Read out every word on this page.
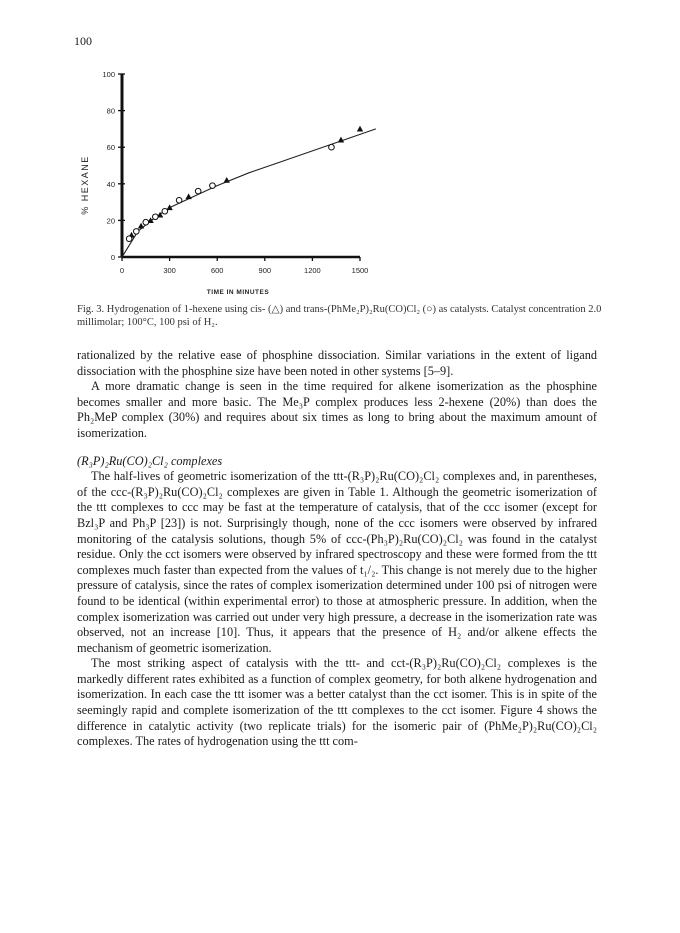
100
0
20
40
60
80
100
0	300	600	900	1200	1500
% HEXANE
TIME IN MINUTES
Fig. 3. Hydrogenation of 1-hexene using cis- (△) and trans-(PhMe₂P)₂Ru(CO)Cl₂ (○) as catalysts. Catalyst concentration 2.0 millimolar; 100°C, 100 psi of H₂.

rationalized by the relative ease of phosphine dissociation. Similar variations in the extent of ligand dissociation with the phosphine size have been noted in other systems [5–9].

A more dramatic change is seen in the time required for alkene isomerization as the phosphine becomes smaller and more basic. The Me₃P complex produces less 2-hexene (20%) than does the Ph₂MeP complex (30%) and requires about six times as long to bring about the maximum amount of isomerization.

(R₃P)₂Ru(CO)₂Cl₂ complexes

The half-lives of geometric isomerization of the ttt-(R₃P)₂Ru(CO)₂Cl₂ complexes and, in parentheses, of the ccc-(R₃P)₂Ru(CO)₂Cl₂ complexes are given in Table 1. Although the geometric isomerization of the ttt complexes to ccc may be fast at the temperature of catalysis, that of the ccc isomer (except for Bzl₃P and Ph₃P [23]) is not. Surprisingly though, none of the ccc isomers were observed by infrared monitoring of the catalysis solutions, though 5% of ccc-(Ph₃P)₂Ru(CO)₂Cl₂ was found in the catalyst residue. Only the cct isomers were observed by infrared spectroscopy and these were formed from the ttt complexes much faster than expected from the values of t₁/₂. This change is not merely due to the higher pressure of catalysis, since the rates of complex isomerization determined under 100 psi of nitrogen were found to be identical (within experimental error) to those at atmospheric pressure. In addition, when the complex isomerization was carried out under very high pressure, a decrease in the isomerization rate was observed, not an increase [10]. Thus, it appears that the presence of H₂ and/or alkene effects the mechanism of geometric isomerization.

The most striking aspect of catalysis with the ttt- and cct-(R₃P)₂Ru(CO)₂Cl₂ complexes is the markedly different rates exhibited as a function of complex geometry, for both alkene hydrogenation and isomerization. In each case the ttt isomer was a better catalyst than the cct isomer. This is in spite of the seemingly rapid and complete isomerization of the ttt complexes to the cct isomer. Figure 4 shows the difference in catalytic activity (two replicate trials) for the isomeric pair of (PhMe₂P)₂Ru(CO)₂Cl₂ complexes. The rates of hydrogenation using the ttt com-
